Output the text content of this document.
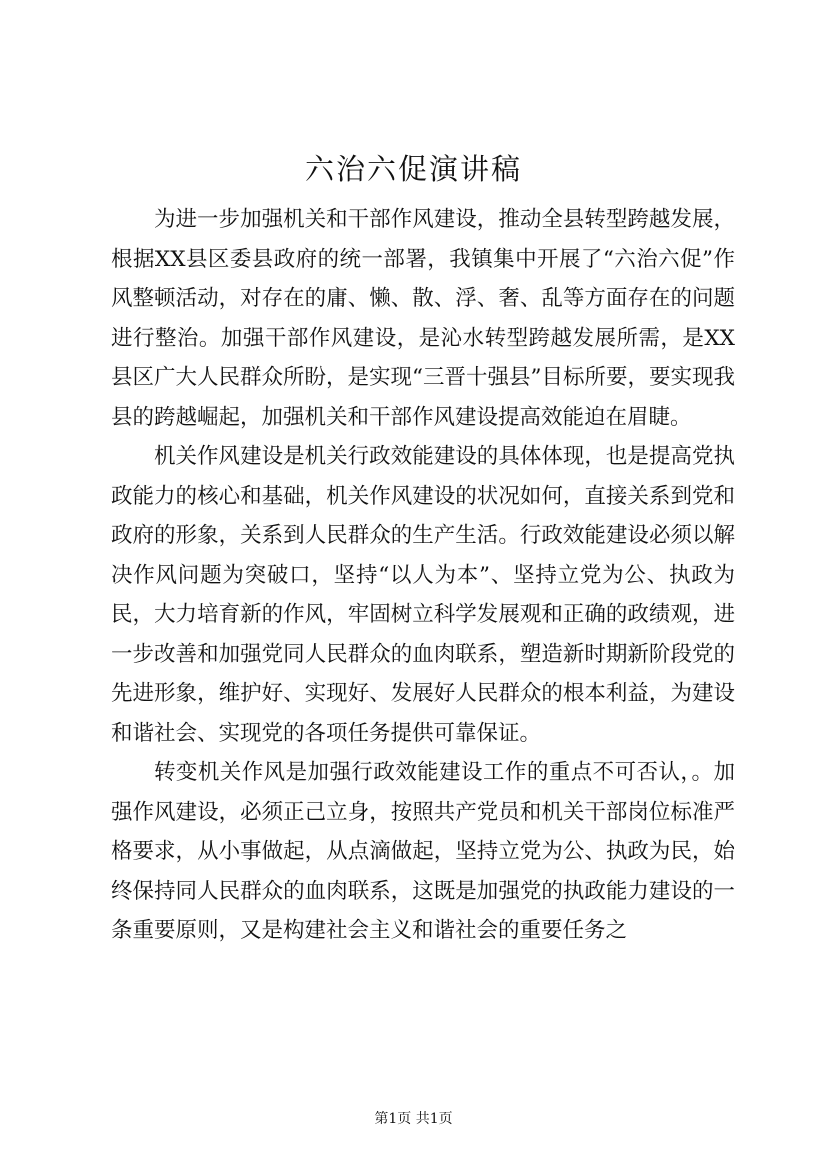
六治六促演讲稿

为进一步加强机关和干部作风建设，推动全县转型跨越发展，根据XX县区委县政府的统一部署，我镇集中开展了“六治六促”作风整顿活动，对存在的庸、懒、散、浮、奢、乱等方面存在的问题进行整治。加强干部作风建设，是沁水转型跨越发展所需，是XX县区广大人民群众所盼，是实现“三晋十强县”目标所要，要实现我县的跨越崛起，加强机关和干部作风建设提高效能迫在眉睫。

机关作风建设是机关行政效能建设的具体体现，也是提高党执政能力的核心和基础，机关作风建设的状况如何，直接关系到党和政府的形象，关系到人民群众的生产生活。行政效能建设必须以解决作风问题为突破口，坚持“以人为本”、坚持立党为公、执政为民，大力培育新的作风，牢固树立科学发展观和正确的政绩观，进一步改善和加强党同人民群众的血肉联系，塑造新时期新阶段党的先进形象，维护好、实现好、发展好人民群众的根本利益，为建设和谐社会、实现党的各项任务提供可靠保证。

转变机关作风是加强行政效能建设工作的重点不可否认，。加强作风建设，必须正己立身，按照共产党员和机关干部岗位标准严格要求，从小事做起，从点滴做起，坚持立党为公、执政为民，始终保持同人民群众的血肉联系，这既是加强党的执政能力建设的一条重要原则，又是构建社会主义和谐社会的重要任务之

第1页 共1页
